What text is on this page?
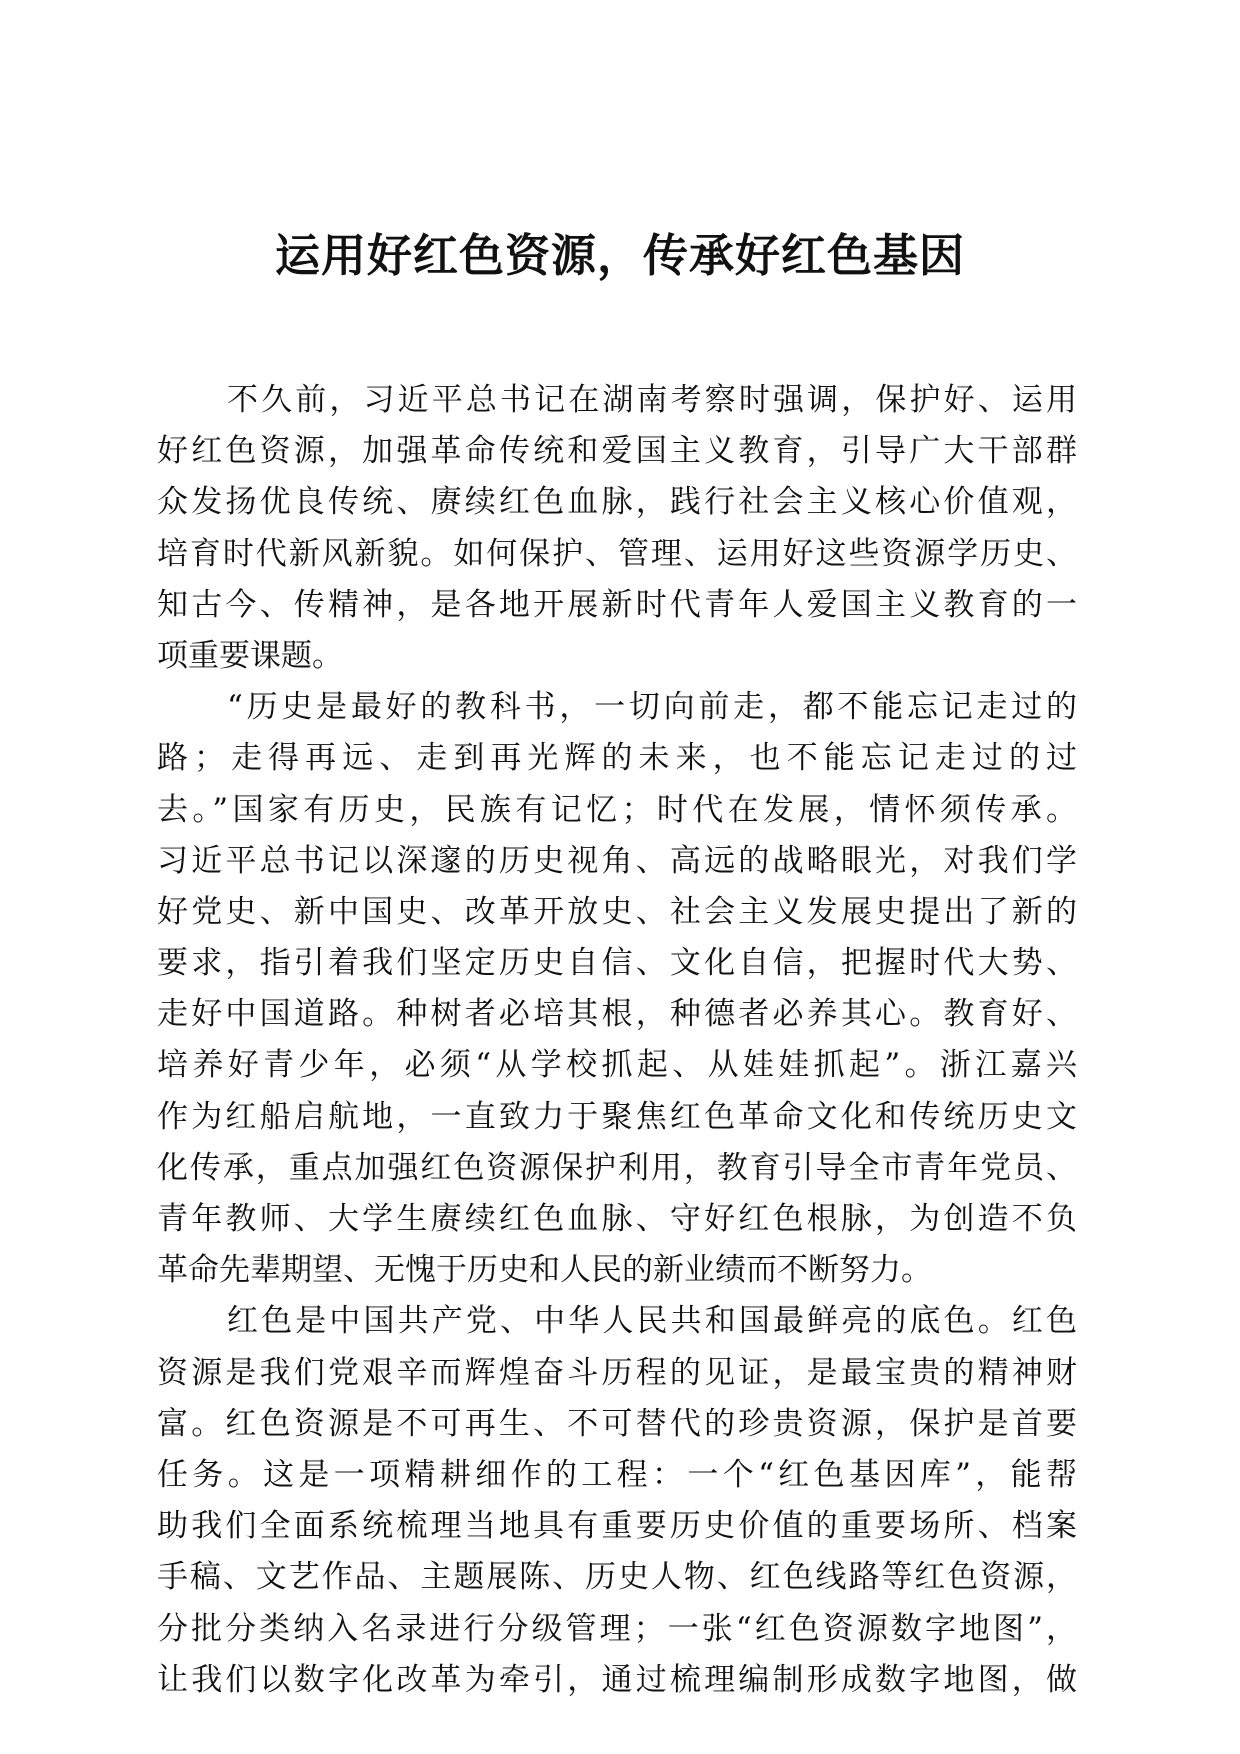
运用好红色资源，传承好红色基因
不久前，习近平总书记在湖南考察时强调，保护好、运用
好红色资源，加强革命传统和爱国主义教育，引导广大干部群
众发扬优良传统、赓续红色血脉，践行社会主义核心价值观，
培育时代新风新貌。如何保护、管理、运用好这些资源学历史、
知古今、传精神，是各地开展新时代青年人爱国主义教育的一
项重要课题。
“历史是最好的教科书，一切向前走，都不能忘记走过的
路；走得再远、走到再光辉的未来，也不能忘记走过的过
去。”国家有历史，民族有记忆；时代在发展，情怀须传承。
习近平总书记以深邃的历史视角、高远的战略眼光，对我们学
好党史、新中国史、改革开放史、社会主义发展史提出了新的
要求，指引着我们坚定历史自信、文化自信，把握时代大势、
走好中国道路。种树者必培其根，种德者必养其心。教育好、
培养好青少年，必须“从学校抓起、从娃娃抓起”。浙江嘉兴
作为红船启航地，一直致力于聚焦红色革命文化和传统历史文
化传承，重点加强红色资源保护利用，教育引导全市青年党员、
青年教师、大学生赓续红色血脉、守好红色根脉，为创造不负
革命先辈期望、无愧于历史和人民的新业绩而不断努力。
红色是中国共产党、中华人民共和国最鲜亮的底色。红色
资源是我们党艰辛而辉煌奋斗历程的见证，是最宝贵的精神财
富。红色资源是不可再生、不可替代的珍贵资源，保护是首要
任务。这是一项精耕细作的工程：一个“红色基因库”，能帮
助我们全面系统梳理当地具有重要历史价值的重要场所、档案
手稿、文艺作品、主题展陈、历史人物、红色线路等红色资源，
分批分类纳入名录进行分级管理；一张“红色资源数字地图”，
让我们以数字化改革为牵引，通过梳理编制形成数字地图，做
